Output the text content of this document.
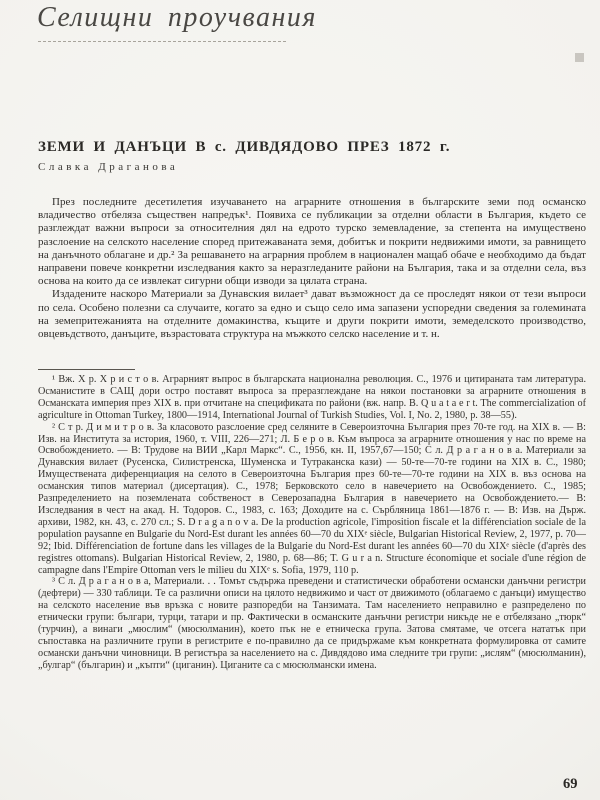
Селищни проучвания
ЗЕМИ И ДАНЪЦИ В с. ДИВДЯДОВО ПРЕЗ 1872 г.
Славка Драганова

През последните десетилетия изучаването на аграрните отношения в българските земи под османско владичество отбеляза съществен напредък¹. Появиха се публикации за отделни области в България, където се разглеждат важни въпроси за относителния дял на едрото турско земевладение, за степента на имуществено разслоение на селското население според притежаваната земя, добитък и покрити недвижими имоти, за равнището на данъчното облагане и др.² За решаването на аграрния проблем в национален мащаб обаче е необходимо да бъдат направени повече конкретни изследвания както за неразгледаните райони на България, така и за отделни села, въз основа на които да се извлекат сигурни общи изводи за цялата страна.

Издадените наскоро Материали за Дунавския вилает³ дават възможност да се проследят някои от тези въпроси по села. Особено полезни са случаите, когато за едно и също село има запазени успоредни сведения за големината на земепритежанията на отделните домакинства, къщите и други покрити имоти, земеделското производство, овцевъдството, данъците, възрастовата структура на мъжкото селско население и т. н.

¹ Вж. Х р. Х р и с т о в. Аграрният въпрос в българската национална революция. С., 1976 и цитираната там литература. Османистите в САЩ дори остро поставят въпроса за преразглеждане на някои постановки за аграрните отношения в Османската империя през XIX в. при отчитане на спецификата по райони (вж. напр. B. Q u a t a e r t. The commercialization of agriculture in Ottoman Turkey, 1800—1914, International Journal of Turkish Studies, Vol. I, No. 2, 1980, p. 38—55).

² С т р. Д и м и т р о в. За класовото разслоение сред селяните в Североизточна България през 70-те год. на XIX в. — В: Изв. на Института за история, 1960, т. VIII, 226—271; Л. Б е р о в. Към въпроса за аграрните отношения у нас по време на Освобождението. — В: Трудове на ВИИ „Карл Маркс“. С., 1956, кн. II, 1957,67—150; С л. Д р а г а н о в а. Материали за Дунавския вилает (Русенска, Силистренска, Шуменска и Тутраканска кази) — 50-те—70-те години на XIX в. С., 1980; Имуществената диференциация на селото в Североизточна България през 60-те—70-те години на XIX в. въз основа на османския типов материал (дисертация). С., 1978; Берковското село в навечерието на Освобождението. С., 1985; Разпределението на поземлената собственост в Северозападна България в навечерието на Освобождението.— В: Изследвания в чест на акад. Н. Тодоров. С., 1983, с. 163; Доходите на с. Сърбляница 1861—1876 г. — В: Изв. на Държ. архиви, 1982, кн. 43, с. 270 сл.; S. D r a g a n o v a. De la production agricole, l'imposition fiscale et la différenciation sociale de la population paysanne en Bulgarie du Nord-Est durant les années 60—70 du XIXᵉ siècle, Bulgarian Historical Review, 2, 1977, p. 70—92; Ibid. Différenciation de fortune dans les villages de la Bulgarie du Nord-Est durant les années 60—70 du XIXᵉ siècle (d'après des registres ottomans). Bulgarian Historical Review, 2, 1980, p. 68—86; T. G u r a n. Structure économique et sociale d'une région de campagne dans l'Empire Ottoman vers le milieu du XIXᵉ s. Sofia, 1979, 110 p.

³ С л. Д р а г а н о в а, Материали. . . Томът съдържа преведени и статистически обработени османски данъчни регистри (дефтери) — 330 таблици. Те са различни описи на цялото недвижимо и част от движимото (облагаемо с данъци) имущество на селското население във връзка с новите разпоредби на Танзимата. Там населението неправилно е разпределено по етнически групи: българи, турци, татари и пр. Фактически в османските данъчни регистри никъде не е отбелязано „тюрк“ (турчин), а винаги „мюслим“ (мюсюлманин), което пък не е етническа група. Затова смятаме, че отсега нататък при съпоставка на различните групи в регистрите е по-правилно да се придържаме към конкретната формулировка от самите османски данъчни чиновници. В регистъра за населението на с. Дивдядово има следните три групи: „ислям“ (мюсюлманин), „булгар“ (българин) и „къпти“ (циганин). Циганите са с мюсюлмански имена.

69
